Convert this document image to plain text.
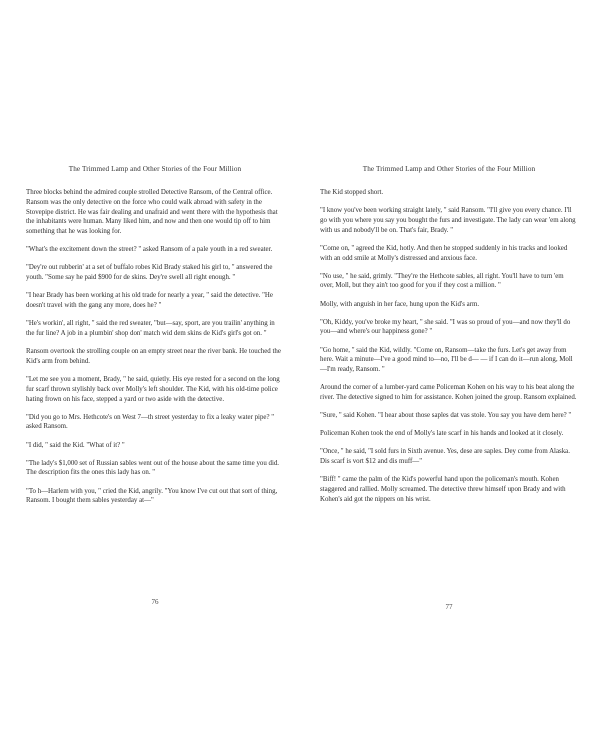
The Trimmed Lamp and Other Stories of the Four Million

Three blocks behind the admired couple strolled Detective Ransom, of the Central office. Ransom was the only detective on the force who could walk abroad with safety in the Stovepipe district. He was fair dealing and unafraid and went there with the hypothesis that the inhabitants were human. Many liked him, and now and then one would tip off to him something that he was looking for.

"What's the excitement down the street? " asked Ransom of a pale youth in a red sweater.

"Dey're out rubberin' at a set of buffalo robes Kid Brady staked his girl to, " answered the youth. "Some say he paid $900 for de skins. Dey're swell all right enough. "

"I hear Brady has been working at his old trade for nearly a year, " said the detective. "He doesn't travel with the gang any more, does he? "

"He's workin', all right, " said the red sweater, "but—say, sport, are you trailin' anything in the fur line? A job in a plumbin' shop don' match wid dem skins de Kid's girl's got on. "

Ransom overtook the strolling couple on an empty street near the river bank. He touched the Kid's arm from behind.

"Let me see you a moment, Brady, " he said, quietly. His eye rested for a second on the long fur scarf thrown stylishly back over Molly's left shoulder. The Kid, with his old-time police hating frown on his face, stepped a yard or two aside with the detective.

"Did you go to Mrs. Hethcote's on West 7—th street yesterday to fix a leaky water pipe? " asked Ransom.

"I did, " said the Kid. "What of it? "

"The lady's $1,000 set of Russian sables went out of the house about the same time you did. The description fits the ones this lady has on. "

"To h—Harlem with you, " cried the Kid, angrily. "You know I've cut out that sort of thing, Ransom. I bought them sables yesterday at—"

76
The Trimmed Lamp and Other Stories of the Four Million

The Kid stopped short.

"I know you've been working straight lately, " said Ransom. "I'll give you every chance. I'll go with you where you say you bought the furs and investigate. The lady can wear 'em along with us and nobody'll be on. That's fair, Brady. "

"Come on, " agreed the Kid, hotly. And then he stopped suddenly in his tracks and looked with an odd smile at Molly's distressed and anxious face.

"No use, " he said, grimly. "They're the Hethcote sables, all right. You'll have to turn 'em over, Moll, but they ain't too good for you if they cost a million. "

Molly, with anguish in her face, hung upon the Kid's arm.

"Oh, Kiddy, you've broke my heart, " she said. "I was so proud of you—and now they'll do you—and where's our happiness gone? "

"Go home, " said the Kid, wildly. "Come on, Ransom—take the furs. Let's get away from here. Wait a minute—I've a good mind to—no, I'll be d— — if I can do it—run along, Moll—I'm ready, Ransom. "

Around the corner of a lumber-yard came Policeman Kohen on his way to his beat along the river. The detective signed to him for assistance. Kohen joined the group. Ransom explained.

"Sure, " said Kohen. "I hear about those saples dat vas stole. You say you have dem here? "

Policeman Kohen took the end of Molly's late scarf in his hands and looked at it closely.

"Once, " he said, "I sold furs in Sixth avenue. Yes, dese are saples. Dey come from Alaska. Dis scarf is vort $12 and dis muff—"

"Biff! " came the palm of the Kid's powerful hand upon the policeman's mouth. Kohen staggered and rallied. Molly screamed. The detective threw himself upon Brady and with Kohen's aid got the nippers on his wrist.

77
